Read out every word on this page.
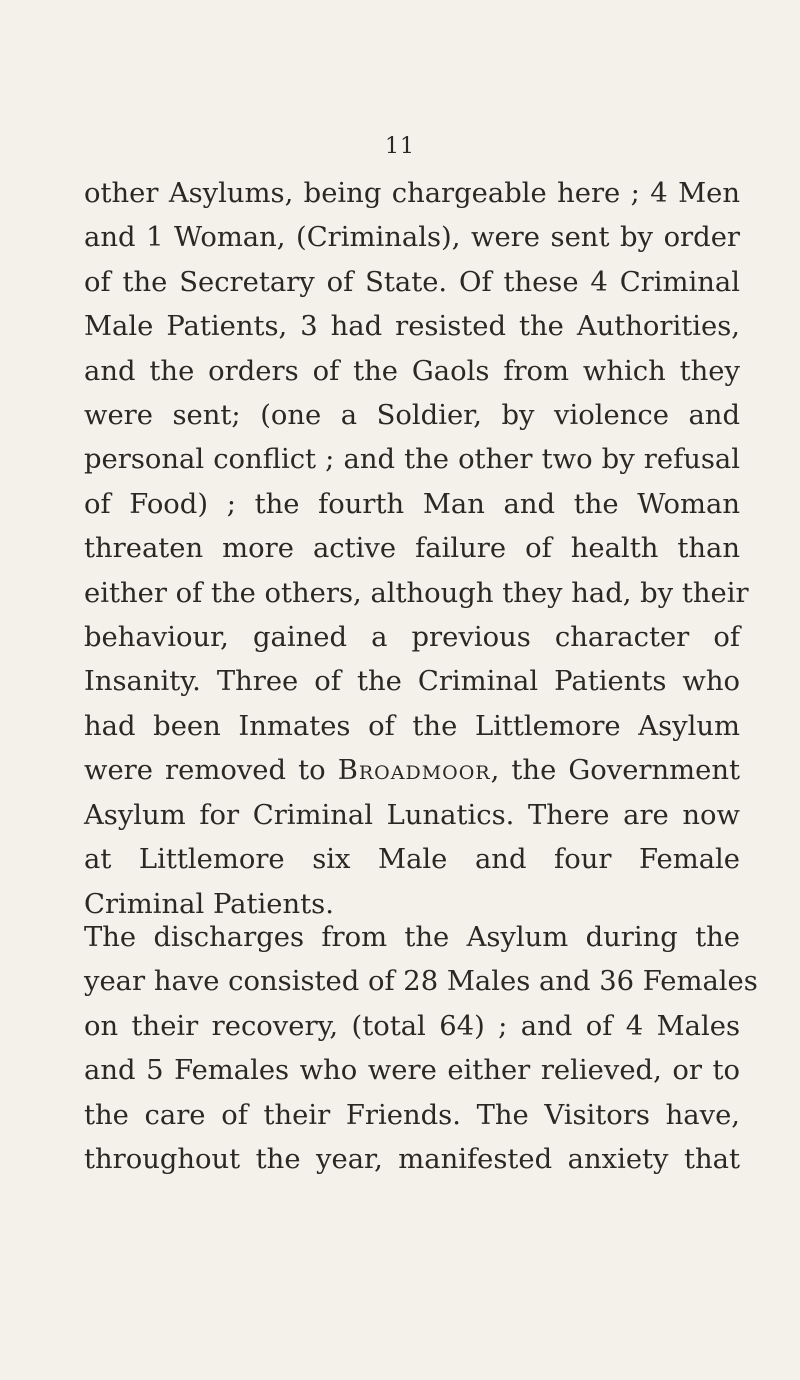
11
other Asylums, being chargeable here ; 4 Men
and 1 Woman, (Criminals), were sent by order
of the Secretary of State. Of these 4 Criminal
Male Patients, 3 had resisted the Authorities,
and the orders of the Gaols from which they
were sent; (one a Soldier, by violence and
personal conflict ; and the other two by refusal
of Food) ; the fourth Man and the Woman
threaten more active failure of health than
either of the others, although they had, by their
behaviour, gained a previous character of
Insanity. Three of the Criminal Patients who
had been Inmates of the Littlemore Asylum
were removed to Broadmoor, the Government
Asylum for Criminal Lunatics. There are now
at Littlemore six Male and four Female
Criminal Patients.
The discharges from the Asylum during the
year have consisted of 28 Males and 36 Females
on their recovery, (total 64) ; and of 4 Males
and 5 Females who were either relieved, or to
the care of their Friends. The Visitors have,
throughout the year, manifested anxiety that
